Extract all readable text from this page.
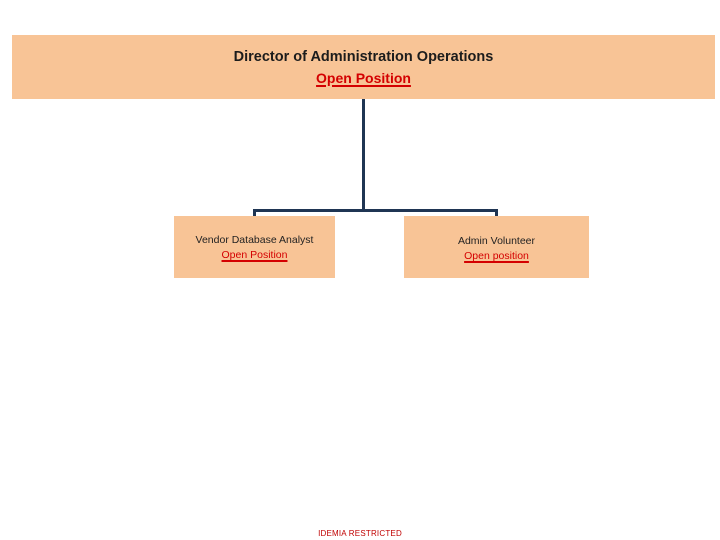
Director of Administration Operations
Open Position
Vendor Database Analyst
Open Position
Admin Volunteer
Open position
IDEMIA RESTRICTED
